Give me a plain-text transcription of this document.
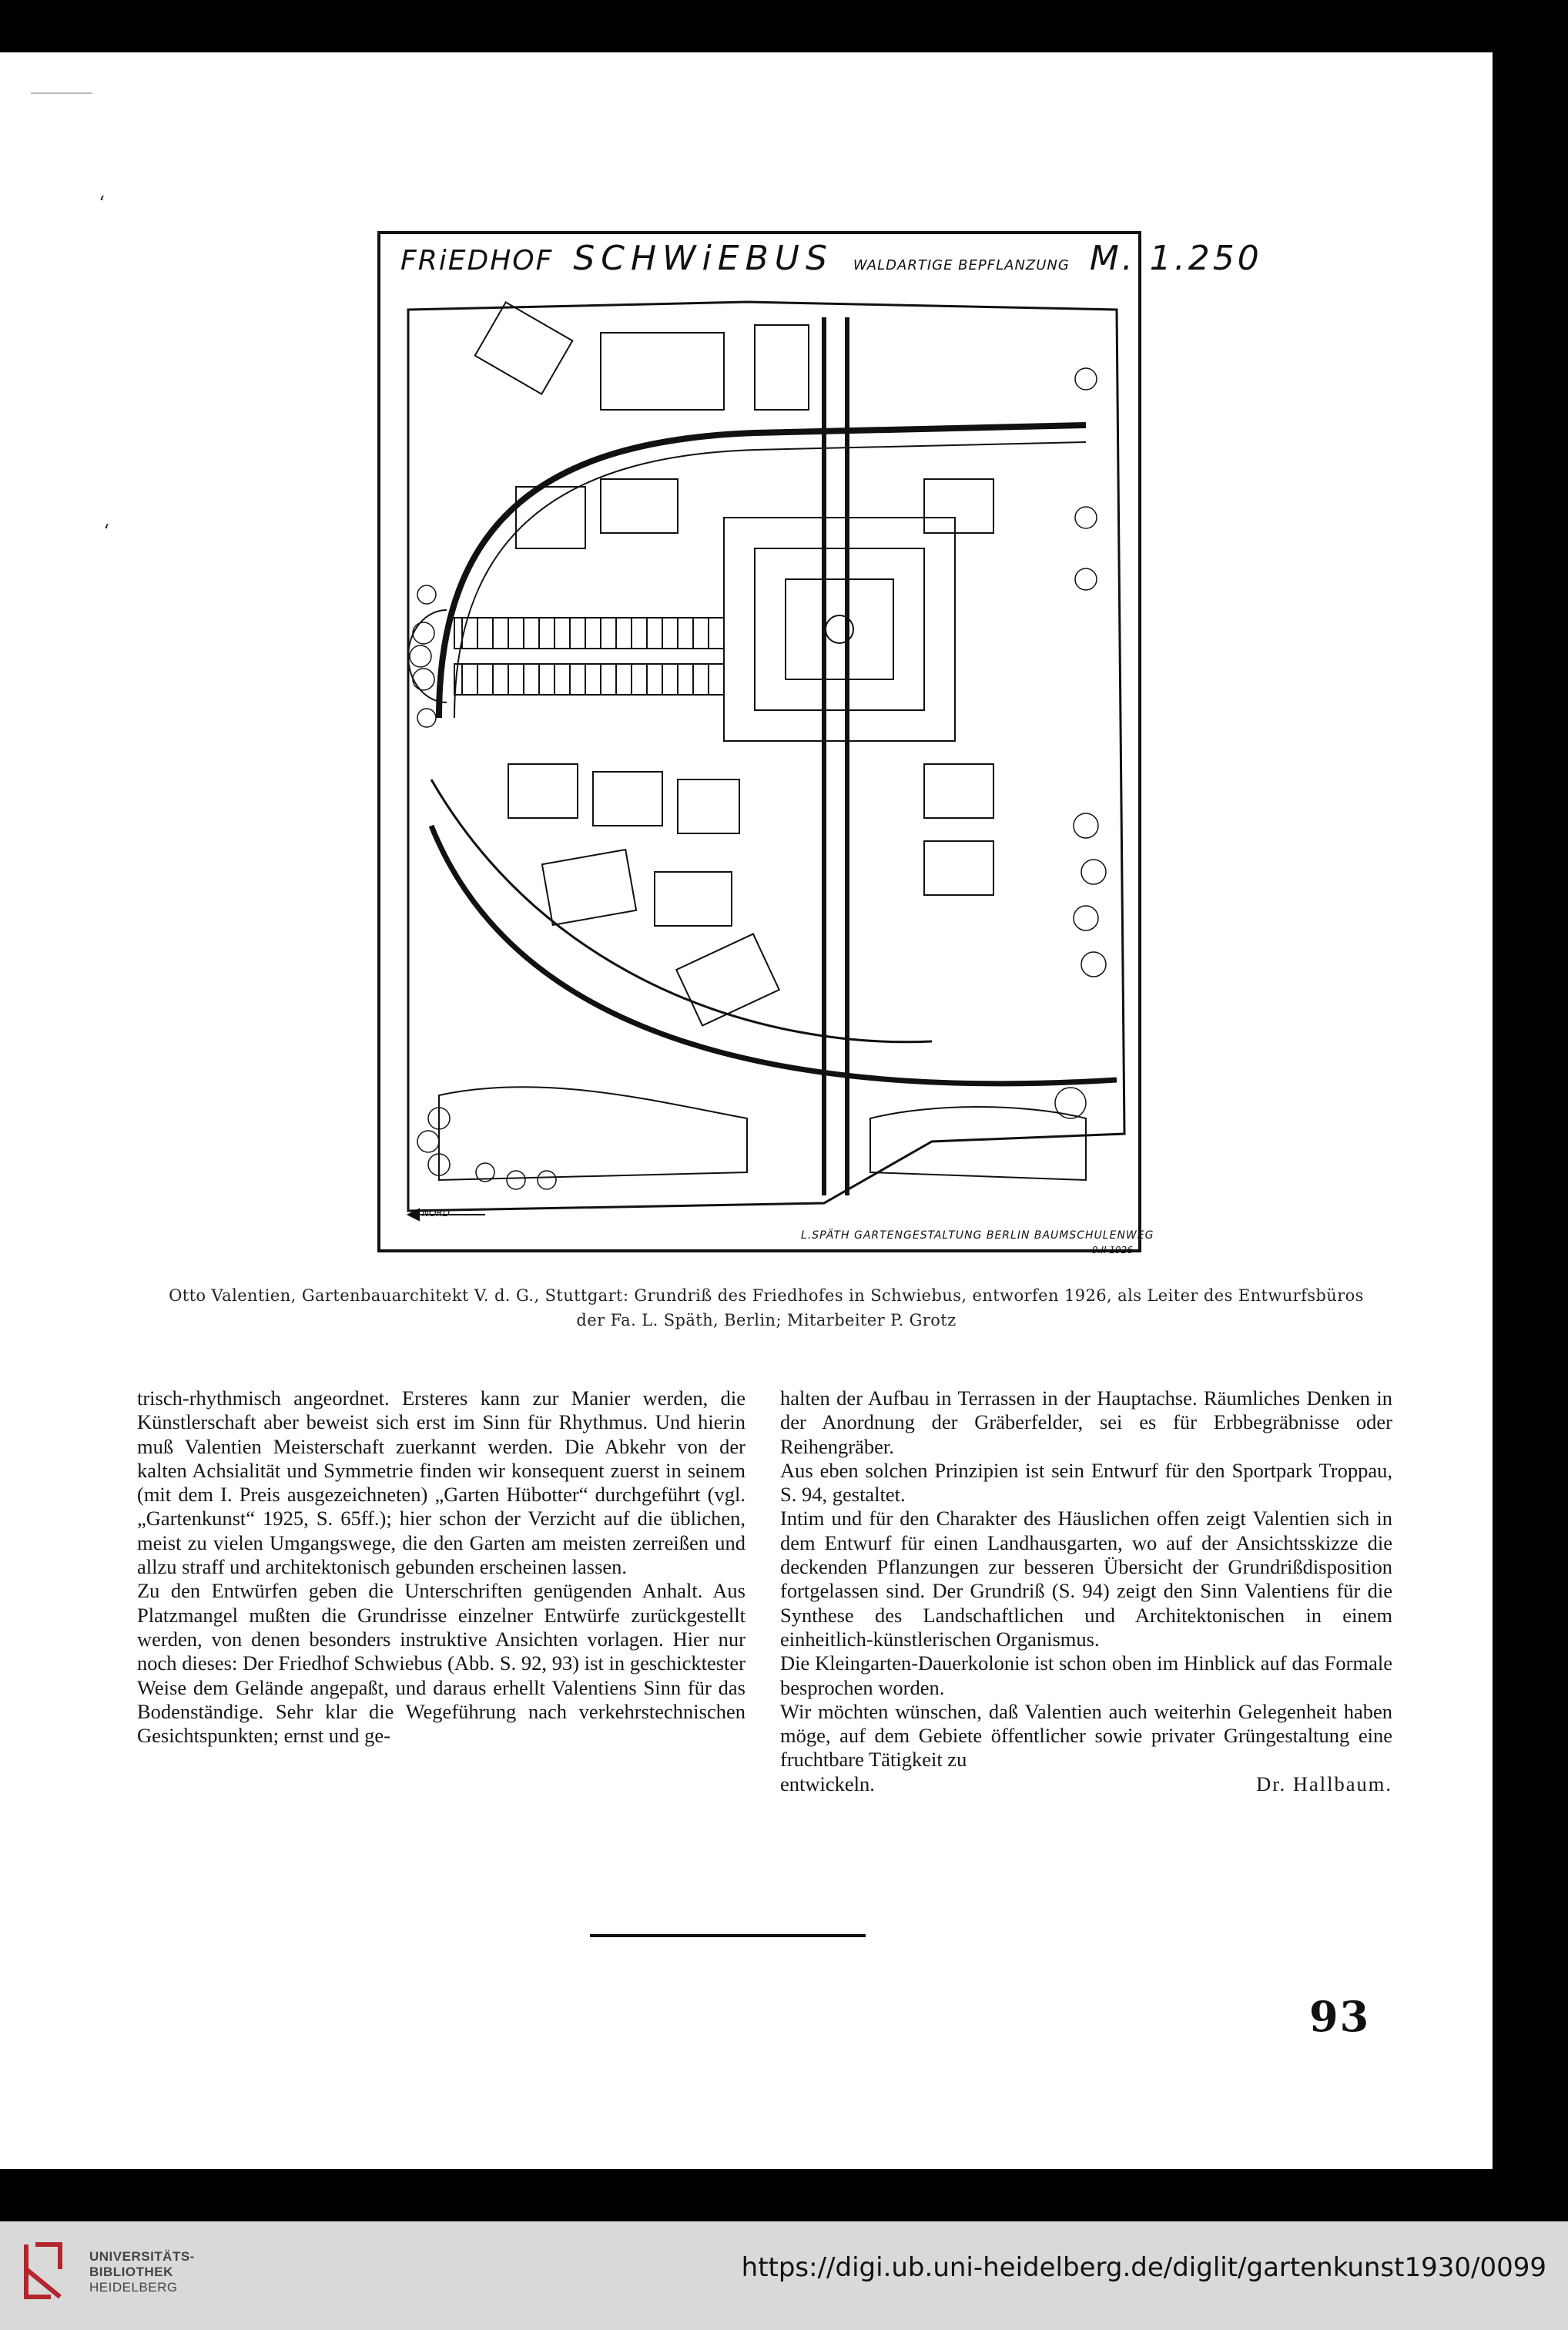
ʻ
ʻ
FRiEDHOF SCHWiEBUS WALDARTIGE BEPFLANZUNG M. 1.250
NORD
L.SPÄTH GARTENGESTALTUNG BERLIN BAUMSCHULENWEG
9.II 1926
Otto Valentien, Gartenbauarchitekt V. d. G., Stuttgart: Grundriß des Friedhofes in Schwiebus, entworfen 1926, als Leiter des Entwurfsbüros
der Fa. L. Späth, Berlin; Mitarbeiter P. Grotz

trisch-rhythmisch angeordnet. Ersteres kann zur Manier werden, die Künstlerschaft aber beweist sich erst im Sinn für Rhythmus. Und hierin muß Valentien Meisterschaft zuerkannt werden. Die Abkehr von der kalten Achsialität und Symmetrie finden wir konsequent zuerst in seinem (mit dem I. Preis ausgezeichneten) „Garten Hübotter“ durchgeführt (vgl. „Gartenkunst“ 1925, S. 65ff.); hier schon der Verzicht auf die üblichen, meist zu vielen Umgangswege, die den Garten am meisten zerreißen und allzu straff und architektonisch gebunden erscheinen lassen.

Zu den Entwürfen geben die Unterschriften genügenden Anhalt. Aus Platzmangel mußten die Grundrisse einzelner Entwürfe zurückgestellt werden, von denen besonders instruktive Ansichten vorlagen. Hier nur noch dieses: Der Friedhof Schwiebus (Abb. S. 92, 93) ist in geschicktester Weise dem Gelände angepaßt, und daraus erhellt Valentiens Sinn für das Bodenständige. Sehr klar die Wegeführung nach verkehrstechnischen Gesichtspunkten; ernst und ge-

halten der Aufbau in Terrassen in der Hauptachse. Räumliches Denken in der Anordnung der Gräberfelder, sei es für Erbbegräbnisse oder Reihengräber.

Aus eben solchen Prinzipien ist sein Entwurf für den Sportpark Troppau, S. 94, gestaltet.

Intim und für den Charakter des Häuslichen offen zeigt Valentien sich in dem Entwurf für einen Landhausgarten, wo auf der Ansichtsskizze die deckenden Pflanzungen zur besseren Übersicht der Grundrißdisposition fortgelassen sind. Der Grundriß (S. 94) zeigt den Sinn Valentiens für die Synthese des Landschaftlichen und Architektonischen in einem einheitlich-künstlerischen Organismus.

Die Kleingarten-Dauerkolonie ist schon oben im Hinblick auf das Formale besprochen worden.

Wir möchten wünschen, daß Valentien auch weiterhin Gelegenheit haben möge, auf dem Gebiete öffentlicher sowie privater Grüngestaltung eine fruchtbare Tätigkeit zu

entwickeln.	Dr. Hallbaum.
93
UNIVERSITÄTS-
BIBLIOTHEK
HEIDELBERG
https://digi.ub.uni-heidelberg.de/diglit/gartenkunst1930/0099
